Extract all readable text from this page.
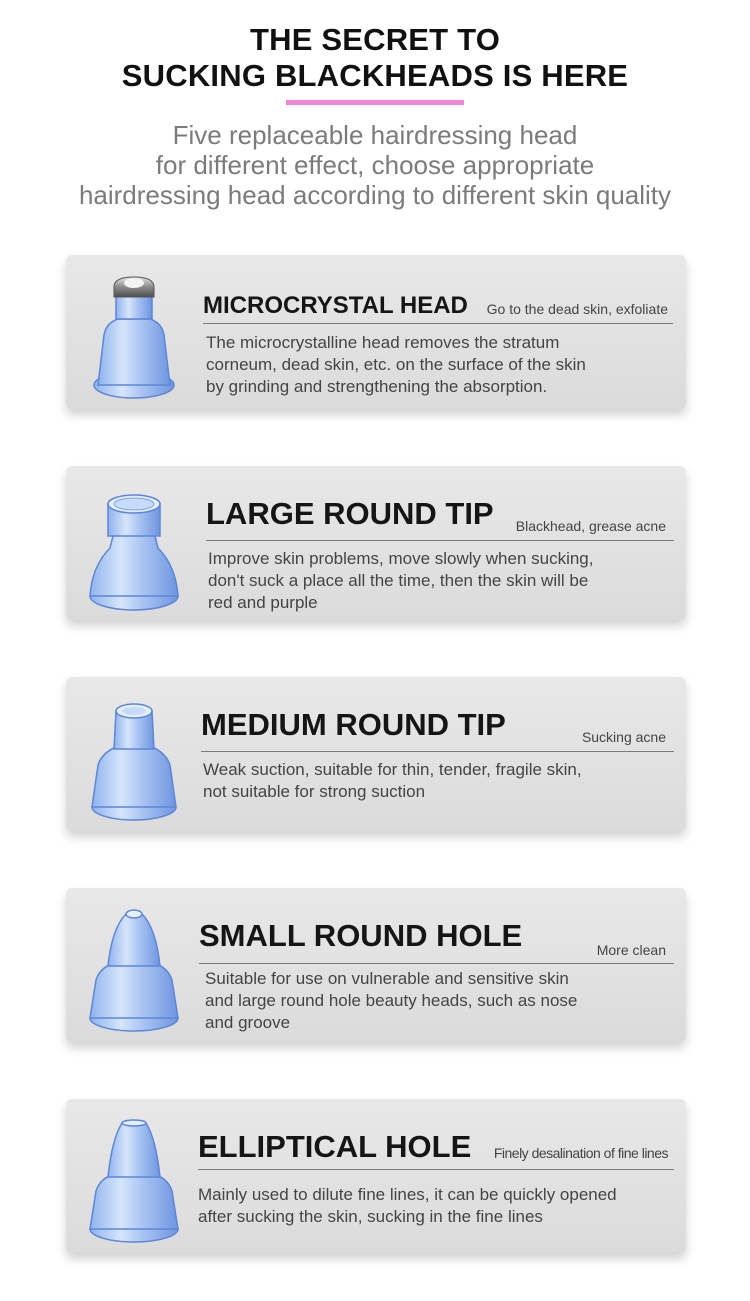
THE SECRET TO
SUCKING BLACKHEADS IS HERE
Five replaceable hairdressing head
for different effect, choose appropriate
hairdressing head according to different skin quality
MICROCRYSTAL HEAD Go to the dead skin, exfoliate
The microcrystalline head removes the stratum
corneum, dead skin, etc. on the surface of the skin
by grinding and strengthening the absorption.
LARGE ROUND TIP Blackhead, grease acne
Improve skin problems, move slowly when sucking,
don't suck a place all the time, then the skin will be
red and purple
MEDIUM ROUND TIP	Sucking acne
Weak suction, suitable for thin, tender, fragile skin,
not suitable for strong suction
SMALL ROUND HOLE	More clean
Suitable for use on vulnerable and sensitive skin
and large round hole beauty heads, such as nose
and groove
ELLIPTICAL HOLE Finely desalination of fine lines
Mainly used to dilute fine lines, it can be quickly opened
after sucking the skin, sucking in the fine lines
